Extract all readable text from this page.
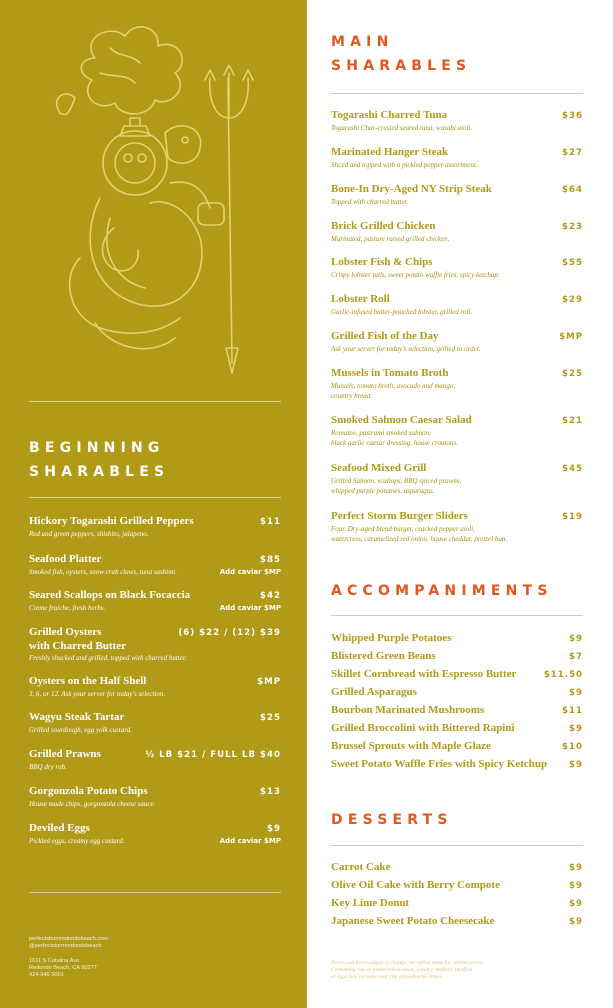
BEGINNING
SHARABLES
Hickory Togarashi Grilled Peppers	$11
Red and green peppers, shishito, jalapeno.
Seafood Platter	$85
Smoked fish, oysters, snow crab claws, tuna sashimi.	Add caviar $MP
Seared Scallops on Black Focaccia	$42
Creme fraiche, fresh herbs.	Add caviar $MP
Grilled Oysters	(6) $22 / (12) $39
with Charred Butter
Freshly shucked and grilled, topped with charred butter.
Oysters on the Half Shell	$MP
3, 6, or 12. Ask your server for today's selection.
Wagyu Steak Tartar	$25
Grilled sourdough, egg yolk custard.
Grilled Prawns	½ LB $21 / FULL LB $40
BBQ dry rub.
Gorgonzola Potato Chips	$13
House made chips, gorgonzola cheese sauce.
Deviled Eggs	$9
Pickled eggs, creamy egg custard.	Add caviar $MP
perfectstormredondobeach.com
@perfectstormredondobeach
1611 S Catalina Ave
Redondo Beach, CA 90277
424-946-9001
MAIN
SHARABLES
Togarashi Charred Tuna	$36
Togarashi Char-crusted seared tuna, wasabi aioli.
Marinated Hanger Steak	$27
Sliced and topped with a pickled pepper assortment.
Bone-In Dry-Aged NY Strip Steak	$64
Topped with charred butter.
Brick Grilled Chicken	$23
Marinated, pasture raised grilled chicken.
Lobster Fish & Chips	$55
Crispy lobster tails, sweet potato waffle fries, spicy ketchup.
Lobster Roll	$29
Garlic-infused butter-poached lobster, grilled roll.
Grilled Fish of the Day	$MP
Ask your server for today's selection, grilled to order.
Mussels in Tomato Broth	$25
Mussels, tomato broth, avocado and mango,
country bread.
Smoked Salmon Caesar Salad	$21
Romaine, pastrami smoked salmon,
black garlic caesar dressing, house croutons.
Seafood Mixed Grill	$45
Grilled Salmon, scallops, BBQ spiced prawns,
whipped purple potatoes, asparagus.
Perfect Storm Burger Sliders	$19
Four. Dry-aged blend burger, cracked pepper aioli,
watercress, caramelized red onion, house cheddar, pretzel bun.
ACCOMPANIMENTS
Whipped Purple Potatoes	$9
Blistered Green Beans	$7
Skillet Cornbread with Espresso Butter	$11.50
Grilled Asparagus	$9
Bourbon Marinated Mushrooms	$11
Grilled Broccolini with Bittered Rapini	$9
Brussel Sprouts with Maple Glaze	$10
Sweet Potato Waffle Fries with Spicy Ketchup	$9
DESSERTS
Carrot Cake	$9
Olive Oil Cake with Berry Compote	$9
Key Lime Donut	$9
Japanese Sweet Potato Cheesecake	$9
Prices and items subject to change, see online menu for current prices.
Consuming raw or undercooked meats, poultry, seafood, shellfish
or eggs may increase your risk of foodborne illness
